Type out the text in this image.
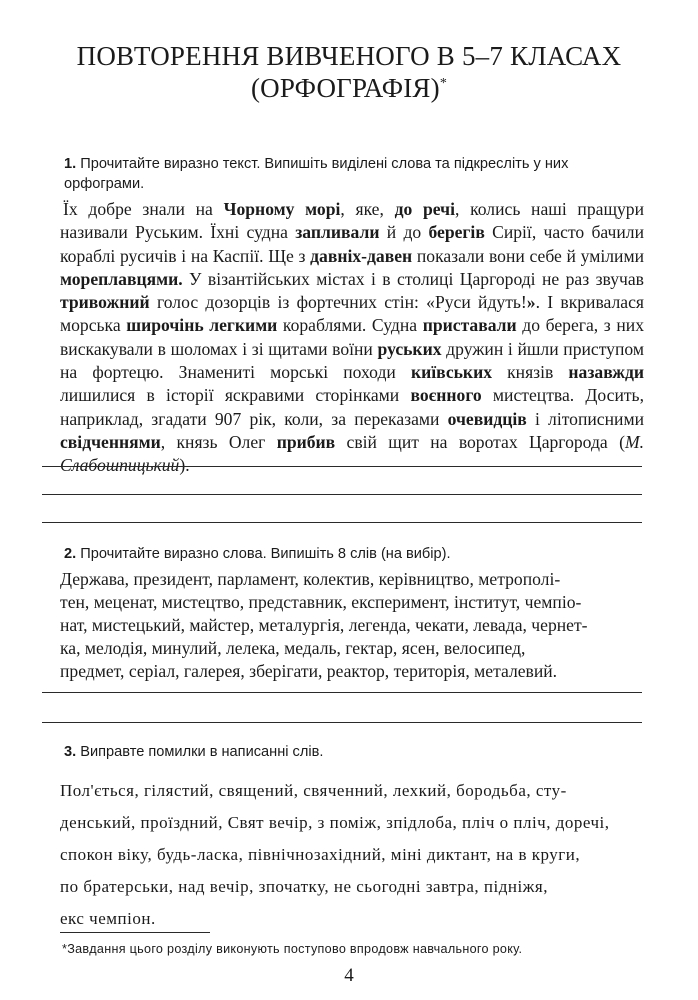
ПОВТОРЕННЯ ВИВЧЕНОГО В 5–7 КЛАСАХ
(ОРФОГРАФІЯ)*
1. Прочитайте виразно текст. Випишіть виділені слова та підкресліть у них
орфограми.
Їх добре знали на Чорному морі, яке, до речі, колись наші пращури називали Руським. Їхні судна запливали й до берегів Сирії, часто бачили кораблі русичів і на Каспії. Ще з давніх-давен показали вони себе й умілими мореплавцями. У візантійських містах і в столиці Царгороді не раз звучав тривожний голос дозорців із фортечних стін: «Руси йдуть!». І вкривалася морська широчінь легкими кораблями. Судна приставали до берега, з них вискакували в шоломах і зі щитами воїни руських дружин і йшли приступом на фортецю. Знамениті морські походи київських князів назавжди лишилися в історії яскравими сторінками воєнного мистецтва. Досить, наприклад, згадати 907 рік, коли, за переказами очевидців і літописними свідченнями, князь Олег прибив свій щит на воротах Царгорода (М. Слабошпицький).
2. Прочитайте виразно слова. Випишіть 8 слів (на вибір).
Держава, президент, парламент, колектив, керівництво, метрополі-
тен, меценат, мистецтво, представник, експеримент, інститут, чемпіо-
нат, мистецький, майстер, металургія, легенда, чекати, левада, чернет-
ка, мелодія, минулий, лелека, медаль, гектар, ясен, велосипед,
предмет, серіал, галерея, зберігати, реактор, територія, металевий.
3. Виправте помилки в написанні слів.
Пол'ється, гілястий, священий, свяченний, лехкий, бородьба, сту-
денський, проїздний, Свят вечір, з поміж, зпідлоба, пліч о пліч, доречі,
спокон віку, будь-ласка, північнозахідний, міні диктант, на в круги,
по братерськи, над вечір, зпочатку, не сьогодні завтра, підніжя,
екс чемпіон.
*Завдання цього розділу виконують поступово впродовж навчального року.
4
